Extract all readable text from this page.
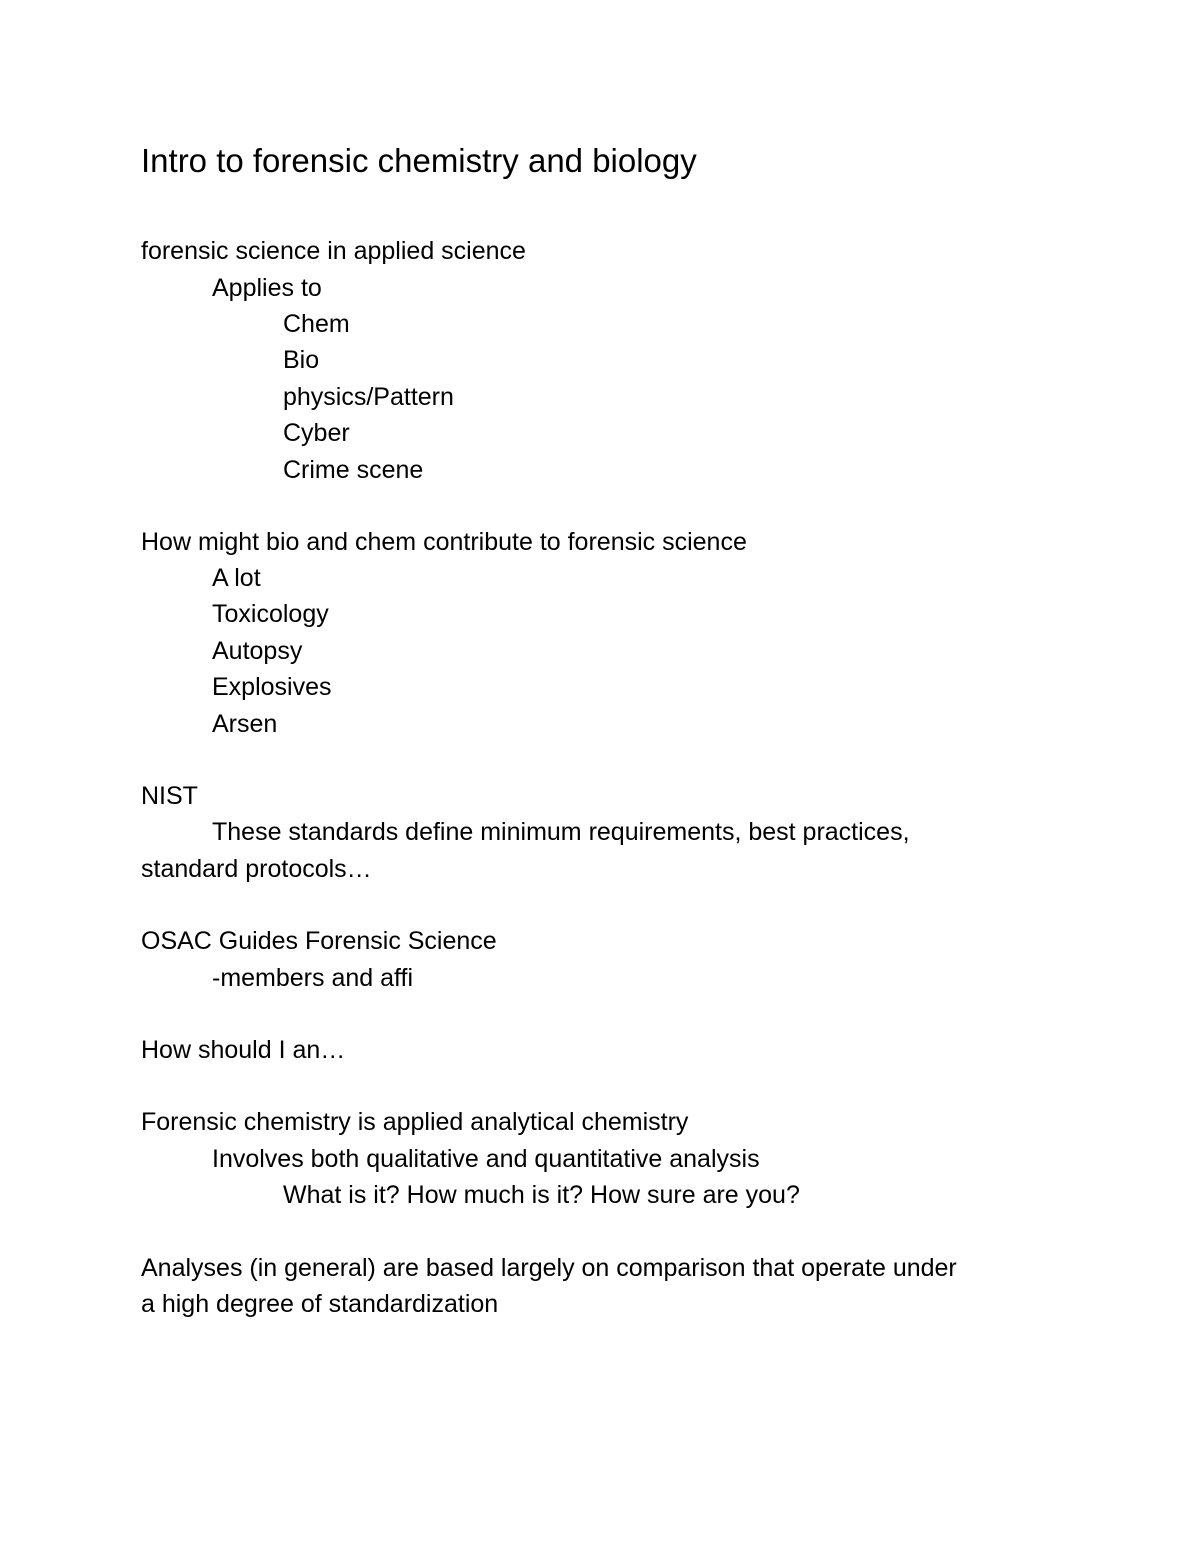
Intro to forensic chemistry and biology
forensic science in applied science
Applies to
Chem
Bio
physics/Pattern
Cyber
Crime scene
How might bio and chem contribute to forensic science
A lot
Toxicology
Autopsy
Explosives
Arsen
NIST
These standards define minimum requirements, best practices,
standard protocols…
OSAC Guides Forensic Science
-members and affi
How should I an…
Forensic chemistry is applied analytical chemistry
Involves both qualitative and quantitative analysis
What is it? How much is it? How sure are you?
Analyses (in general) are based largely on comparison that operate under
a high degree of standardization
